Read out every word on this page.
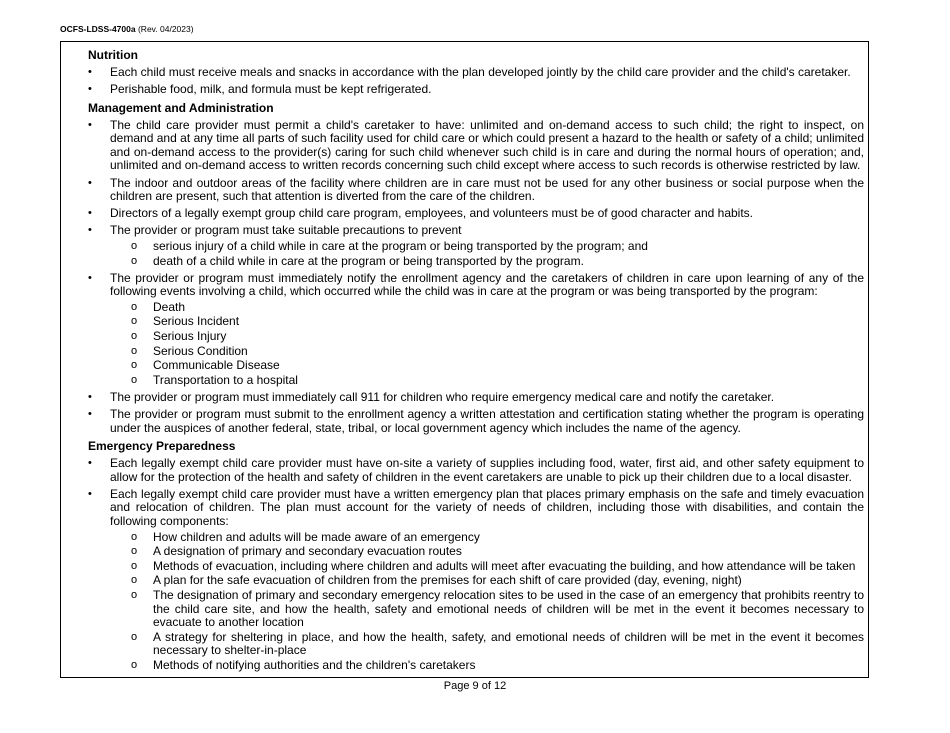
OCFS-LDSS-4700a (Rev. 04/2023)
Nutrition
•	Each child must receive meals and snacks in accordance with the plan developed jointly by the child care provider and the child's caretaker.
•	Perishable food, milk, and formula must be kept refrigerated.
Management and Administration
•	The child care provider must permit a child's caretaker to have: unlimited and on-demand access to such child; the right to inspect, on demand and at any time all parts of such facility used for child care or which could present a hazard to the health or safety of a child; unlimited and on-demand access to the provider(s) caring for such child whenever such child is in care and during the normal hours of operation; and, unlimited and on-demand access to written records concerning such child except where access to such records is otherwise restricted by law.
•	The indoor and outdoor areas of the facility where children are in care must not be used for any other business or social purpose when the children are present, such that attention is diverted from the care of the children.
•	Directors of a legally exempt group child care program, employees, and volunteers must be of good character and habits.
•	The provider or program must take suitable precautions to prevent
o serious injury of a child while in care at the program or being transported by the program; and
o death of a child while in care at the program or being transported by the program.
•	The provider or program must immediately notify the enrollment agency and the caretakers of children in care upon learning of any of the following events involving a child, which occurred while the child was in care at the program or was being transported by the program:
o Death
o Serious Incident
o Serious Injury
o Serious Condition
o Communicable Disease
o Transportation to a hospital
•	The provider or program must immediately call 911 for children who require emergency medical care and notify the caretaker.
•	The provider or program must submit to the enrollment agency a written attestation and certification stating whether the program is operating under the auspices of another federal, state, tribal, or local government agency which includes the name of the agency.
Emergency Preparedness
•	Each legally exempt child care provider must have on-site a variety of supplies including food, water, first aid, and other safety equipment to allow for the protection of the health and safety of children in the event caretakers are unable to pick up their children due to a local disaster.
•	Each legally exempt child care provider must have a written emergency plan that places primary emphasis on the safe and timely evacuation and relocation of children. The plan must account for the variety of needs of children, including those with disabilities, and contain the following components:
o How children and adults will be made aware of an emergency
o A designation of primary and secondary evacuation routes
o Methods of evacuation, including where children and adults will meet after evacuating the building, and how attendance will be taken
o A plan for the safe evacuation of children from the premises for each shift of care provided (day, evening, night)
o The designation of primary and secondary emergency relocation sites to be used in the case of an emergency that prohibits reentry to the child care site, and how the health, safety and emotional needs of children will be met in the event it becomes necessary to evacuate to another location
o A strategy for sheltering in place, and how the health, safety, and emotional needs of children will be met in the event it becomes necessary to shelter-in-place
o Methods of notifying authorities and the children's caretakers
Page 9 of 12
